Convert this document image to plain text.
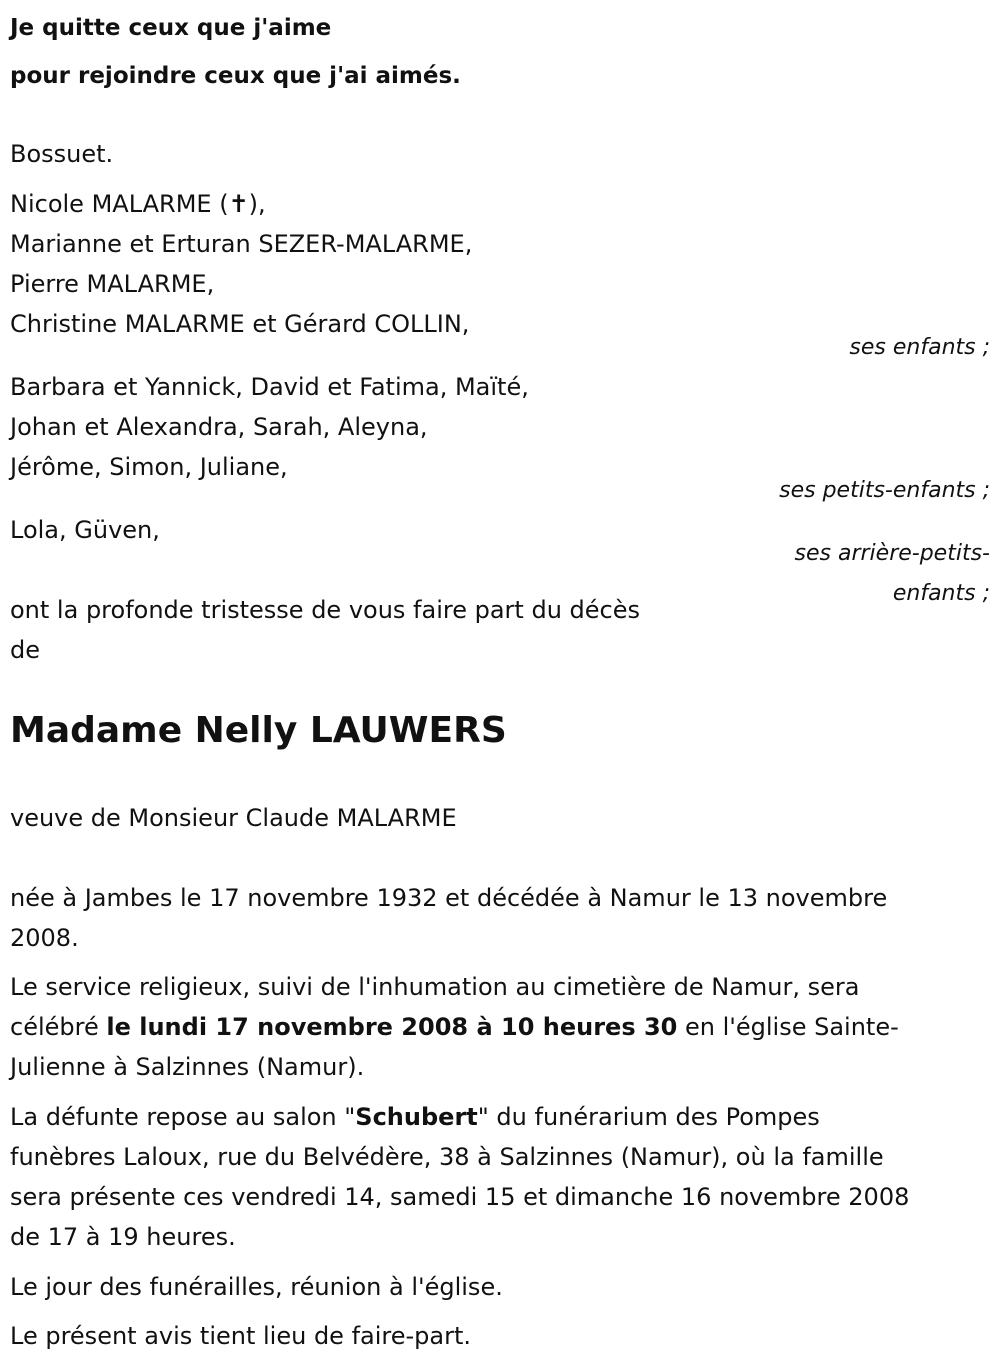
Je quitte ceux que j'aime
pour rejoindre ceux que j'ai aimés.
Bossuet.
Nicole MALARME (✝),
Marianne et Erturan SEZER-MALARME,
Pierre MALARME,
Christine MALARME et Gérard COLLIN,
ses enfants ;
Barbara et Yannick, David et Fatima, Maïté,
Johan et Alexandra, Sarah, Aleyna,
Jérôme, Simon, Juliane,
ses petits-enfants ;
Lola, Güven,
ses arrière-petits-
enfants ;
ont la profonde tristesse de vous faire part du décès
de
Madame Nelly LAUWERS
veuve de Monsieur Claude MALARME
née à Jambes le 17 novembre 1932 et décédée à Namur le 13 novembre
2008.
Le service religieux, suivi de l'inhumation au cimetière de Namur, sera
célébré le lundi 17 novembre 2008 à 10 heures 30 en l'église Sainte-
Julienne à Salzinnes (Namur).
La défunte repose au salon "Schubert" du funérarium des Pompes
funèbres Laloux, rue du Belvédère, 38 à Salzinnes (Namur), où la famille
sera présente ces vendredi 14, samedi 15 et dimanche 16 novembre 2008
de 17 à 19 heures.
Le jour des funérailles, réunion à l'église.
Le présent avis tient lieu de faire-part.
